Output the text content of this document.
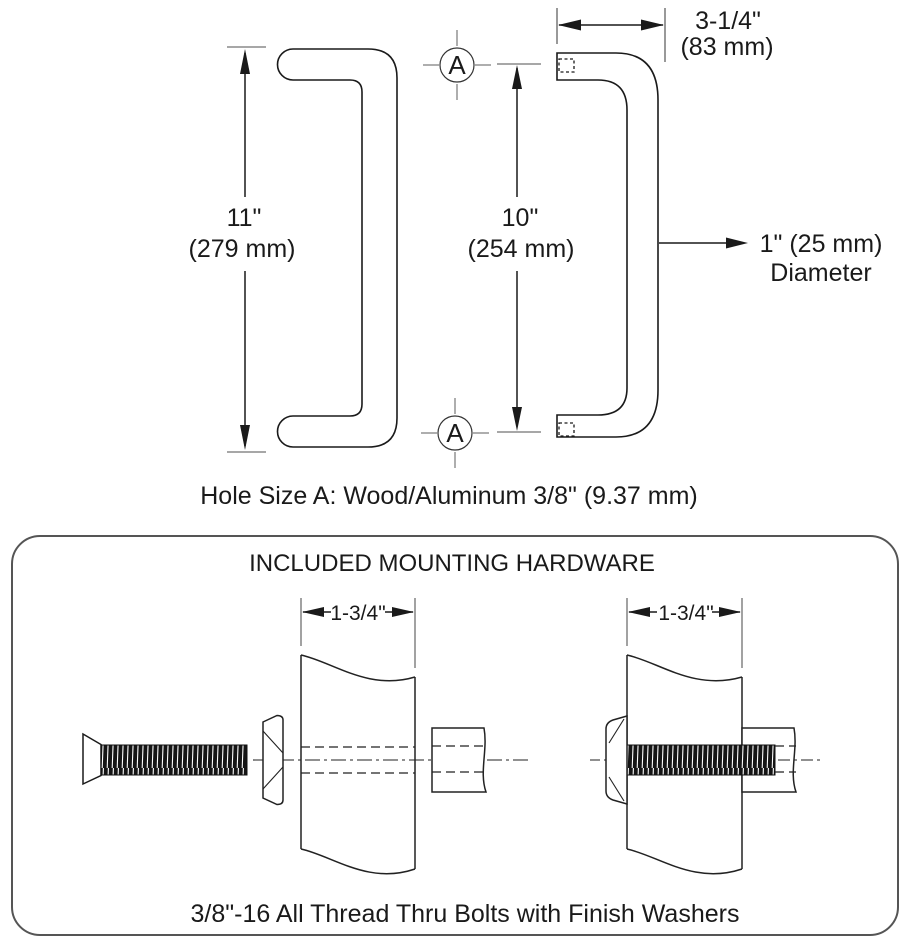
11"
(279 mm)
A
10"
(254 mm)
A
3-1/4"
(83 mm)
1" (25 mm)
Diameter
Hole Size A: Wood/Aluminum 3/8" (9.37 mm)
INCLUDED MOUNTING HARDWARE
1-3/4"	1-3/4"
3/8"-16 All Thread Thru Bolts with Finish Washers
